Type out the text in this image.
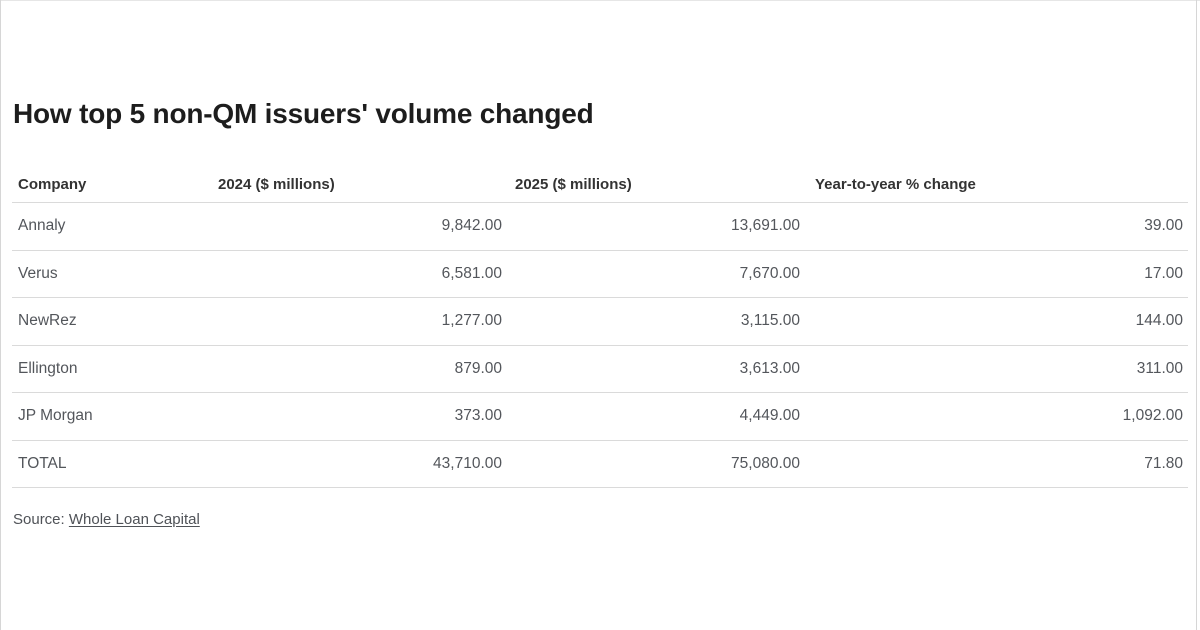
How top 5 non-QM issuers' volume changed
Company	2024 ($ millions)	2025 ($ millions)	Year-to-year % change
Annaly	9,842.00	13,691.00	39.00
Verus	6,581.00	7,670.00	17.00
NewRez	1,277.00	3,115.00	144.00
Ellington	879.00	3,613.00	311.00
JP Morgan	373.00	4,449.00	1,092.00
TOTAL	43,710.00	75,080.00	71.80

Source: Whole Loan Capital
